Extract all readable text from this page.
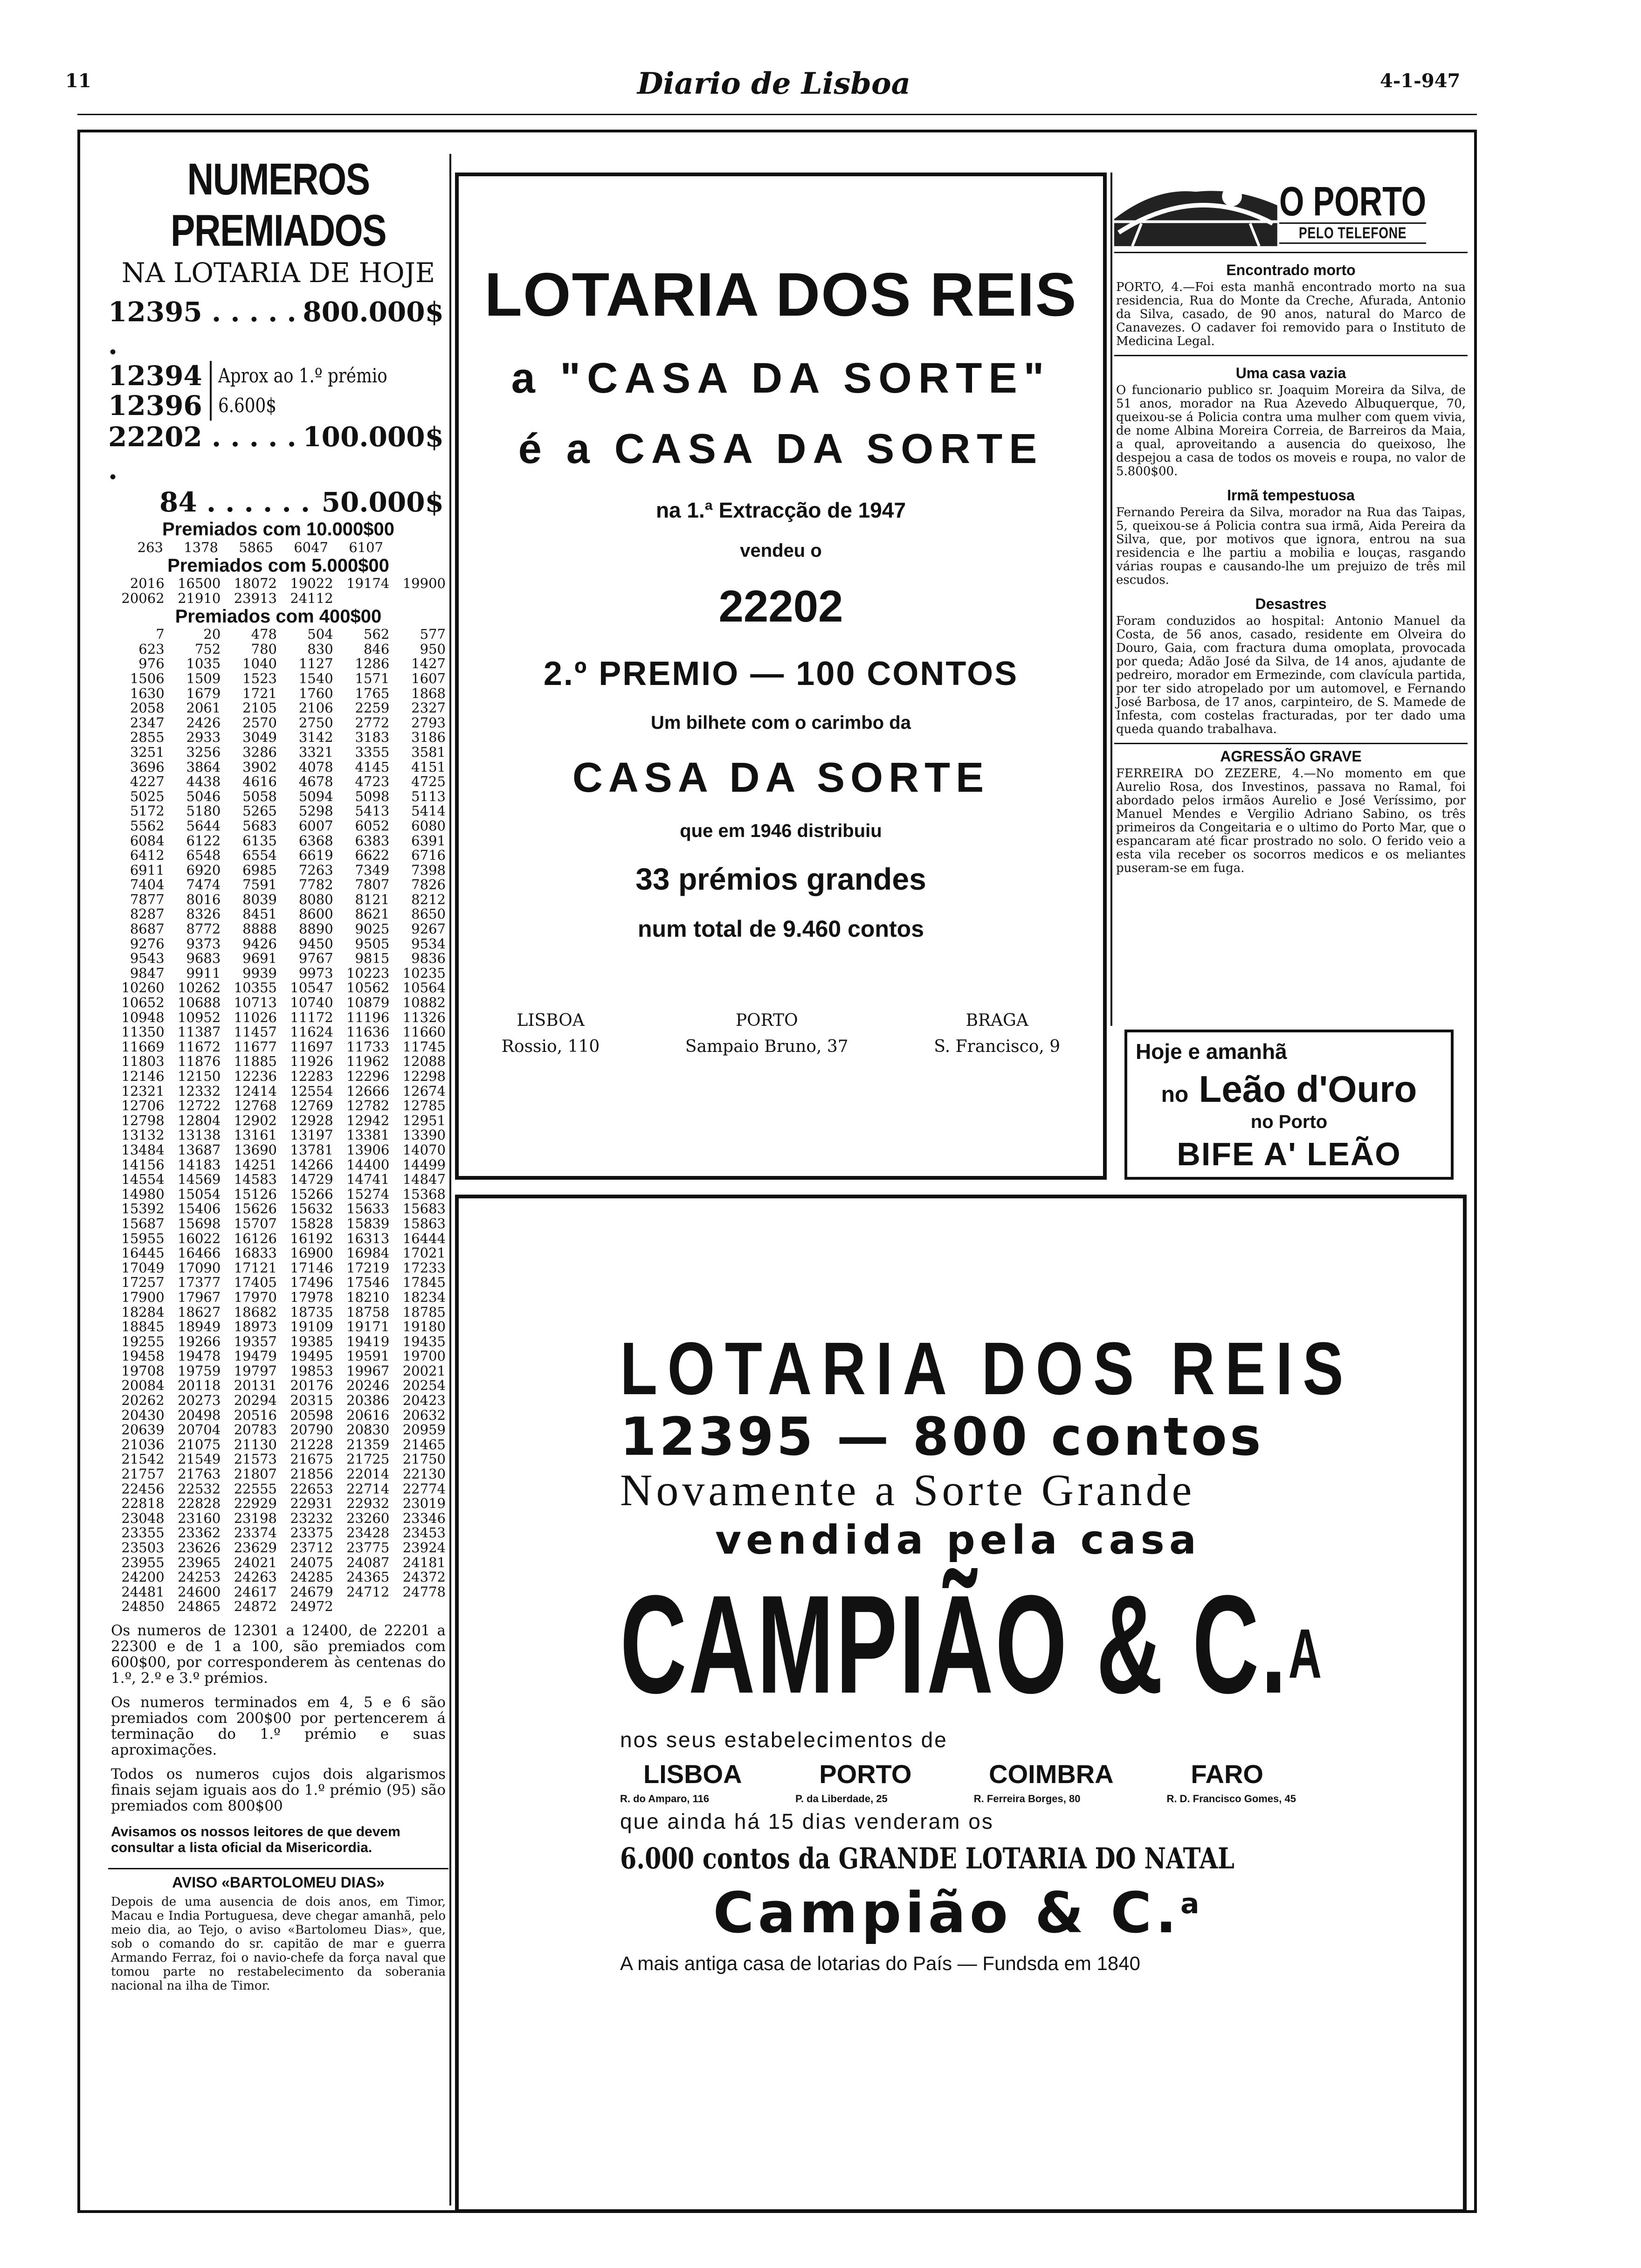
11	Diario de Lisboa	4-1-947
NUMEROS PREMIADOS
NA LOTARIA DE HOJE
12395 . . . . . .
800.000$
12394
12396
Aprox ao 1.º prémio 6.600$
22202 . . . . . .
100.000$
84 . . . . . . 50.000$
Premiados com 10.000$00
263	1378	5865	6047	6107
Premiados com 5.000$00
2016 16500 18072 19022 19174 19900
20062 21910 23913 24112
Premiados com 400$00
7	20	478	504	562	577
623	752	780	830	846	950
976	1035	1040	1127	1286	1427
1506	1509	1523	1540	1571	1607
1630	1679	1721	1760	1765	1868
2058	2061	2105	2106	2259	2327
2347	2426	2570	2750	2772	2793
2855	2933	3049	3142	3183	3186
3251	3256	3286	3321	3355	3581
3696	3864	3902	4078	4145	4151
4227	4438	4616	4678	4723	4725
5025	5046	5058	5094	5098	5113
5172	5180	5265	5298	5413	5414
5562	5644	5683	6007	6052	6080
6084	6122	6135	6368	6383	6391
6412	6548	6554	6619	6622	6716
6911	6920	6985	7263	7349	7398
7404	7474	7591	7782	7807	7826
7877	8016	8039	8080	8121	8212
8287	8326	8451	8600	8621	8650
8687	8772	8888	8890	9025	9267
9276	9373	9426	9450	9505	9534
9543	9683	9691	9767	9815	9836
9847	9911	9939	9973 10223 10235
10260 10262 10355 10547 10562 10564
10652 10688 10713 10740 10879 10882
10948 10952 11026 11172 11196 11326
11350 11387 11457 11624 11636 11660
11669 11672 11677 11697 11733 11745
11803 11876 11885 11926 11962 12088
12146 12150 12236 12283 12296 12298
12321 12332 12414 12554 12666 12674
12706 12722 12768 12769 12782 12785
12798 12804 12902 12928 12942 12951
13132 13138 13161 13197 13381 13390
13484 13687 13690 13781 13906 14070
14156 14183 14251 14266 14400 14499
14554 14569 14583 14729 14741 14847
14980 15054 15126 15266 15274 15368
15392 15406 15626 15632 15633 15683
15687 15698 15707 15828 15839 15863
15955 16022 16126 16192 16313 16444
16445 16466 16833 16900 16984 17021
17049 17090 17121 17146 17219 17233
17257 17377 17405 17496 17546 17845
17900 17967 17970 17978 18210 18234
18284 18627 18682 18735 18758 18785
18845 18949 18973 19109 19171 19180
19255 19266 19357 19385 19419 19435
19458 19478 19479 19495 19591 19700
19708 19759 19797 19853 19967 20021
20084 20118 20131 20176 20246 20254
20262 20273 20294 20315 20386 20423
20430 20498 20516 20598 20616 20632
20639 20704 20783 20790 20830 20959
21036 21075 21130 21228 21359 21465
21542 21549 21573 21675 21725 21750
21757 21763 21807 21856 22014 22130
22456 22532 22555 22653 22714 22774
22818 22828 22929 22931 22932 23019
23048 23160 23198 23232 23260 23346
23355 23362 23374 23375 23428 23453
23503 23626 23629 23712 23775 23924
23955 23965 24021 24075 24087 24181
24200 24253 24263 24285 24365 24372
24481 24600 24617 24679 24712 24778
24850 24865 24872 24972
Os numeros de 12301 a 12400, de 22201 a 22300 e de 1 a 100, são premiados com 600$00, por corresponderem às centenas do 1.º, 2.º e 3.º prémios.
Os numeros terminados em 4, 5 e 6 são premiados com 200$00 por pertencerem á terminação do 1.º prémio e suas aproximações.
Todos os numeros cujos dois algarismos finais sejam iguais aos do 1.º prémio (95) são premiados com 800$00
Avisamos os nossos leitores de que devem consultar a lista oficial da Misericordia.
AVISO «BARTOLOMEU DIAS»
Depois de uma ausencia de dois anos, em Timor, Macau e India Portuguesa, deve chegar amanhã, pelo meio dia, ao Tejo, o aviso «Bartolomeu Dias», que, sob o comando do sr. capitão de mar e guerra Armando Ferraz, foi o navio-chefe da força naval que tomou parte no restabelecimento da soberania nacional na ilha de Timor.
LOTARIA DOS REIS
a "CASA DA SORTE"
é a CASA DA SORTE
na 1.ª Extracção de 1947
vendeu o
22202
2.º PREMIO — 100 CONTOS
Um bilhete com o carimbo da
CASA DA SORTE
que em 1946 distribuiu
33 prémios grandes
num total de 9.460 contos
LISBOA
Rossio, 110
PORTO
Sampaio Bruno, 37
BRAGA
S. Francisco, 9
O PORTO
PELO TELEFONE
Encontrado morto
PORTO, 4.—Foi esta manhã encontrado morto na sua residencia, Rua do Monte da Creche, Afurada, Antonio da Silva, casado, de 90 anos, natural do Marco de Canavezes. O cadaver foi removido para o Instituto de Medicina Legal.
Uma casa vazia
O funcionario publico sr. Joaquim Moreira da Silva, de 51 anos, morador na Rua Azevedo Albuquerque, 70, queixou-se á Policia contra uma mulher com quem vivia, de nome Albina Moreira Correia, de Barreiros da Maia, a qual, aproveitando a ausencia do queixoso, lhe despejou a casa de todos os moveis e roupa, no valor de 5.800$00.
Irmã tempestuosa
Fernando Pereira da Silva, morador na Rua das Taipas, 5, queixou-se á Policia contra sua irmã, Aida Pereira da Silva, que, por motivos que ignora, entrou na sua residencia e lhe partiu a mobilia e louças, rasgando várias roupas e causando-lhe um prejuizo de três mil escudos.
Desastres
Foram conduzidos ao hospital: Antonio Manuel da Costa, de 56 anos, casado, residente em Olveira do Douro, Gaia, com fractura duma omoplata, provocada por queda; Adão José da Silva, de 14 anos, ajudante de pedreiro, morador em Ermezinde, com clavícula partida, por ter sido atropelado por um automovel, e Fernando José Barbosa, de 17 anos, carpinteiro, de S. Mamede de Infesta, com costelas fracturadas, por ter dado uma queda quando trabalhava.
AGRESSÃO GRAVE
FERREIRA DO ZEZERE, 4.—No momento em que Aurelio Rosa, dos Investinos, passava no Ramal, foi abordado pelos irmãos Aurelio e José Veríssimo, por Manuel Mendes e Vergilio Adriano Sabino, os três primeiros da Congeitaria e o ultimo do Porto Mar, que o espancaram até ficar prostrado no solo. O ferido veio a esta vila receber os socorros medicos e os meliantes puseram-se em fuga.
Hoje e amanhã
no Leão d'Ouro
no Porto
BIFE A' LEÃO
LOTARIA DOS REIS
12395 — 800 contos
Novamente a Sorte Grande
vendida pela casa
CAMPIÃO & C.$^A$
nos seus estabelecimentos de
LISBOA	PORTO	COIMBRA	FARO
R. do Amparo, 116	P. da Liberdade, 25	R. Ferreira Borges, 80	R. D. Francisco Gomes, 45
que ainda há 15 dias venderam os
6.000 contos da GRANDE LOTARIA DO NATAL
Campião & C.$^a$
A mais antiga casa de lotarias do País — Fundsda em 1840
